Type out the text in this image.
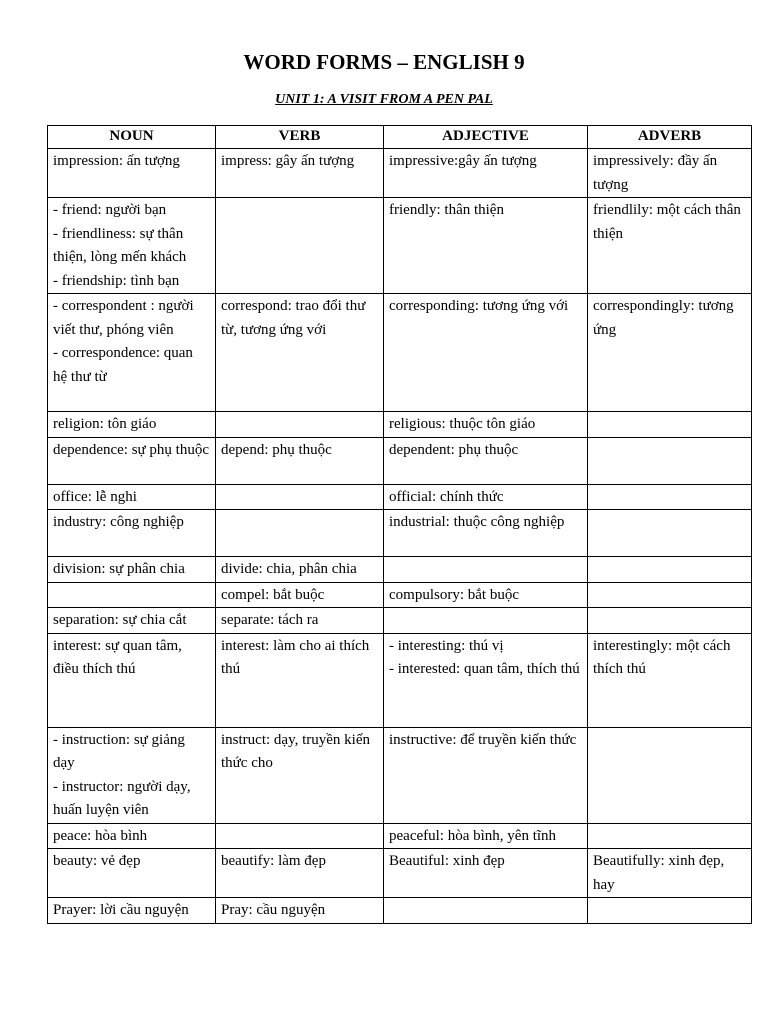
WORD FORMS – ENGLISH 9
UNIT 1: A VISIT FROM A PEN PAL
NOUN	VERB	ADJECTIVE	ADVERB

impression: ấn tượng	impress: gây ấn tượng	impressive:gây ấn tượng	impressively: đầy ấn tượng

- friend: người bạn
- friendliness: sự thân thiện, lòng mến khách
- friendship: tình bạn		friendly: thân thiện	friendlily: một cách thân thiện

- correspondent : người viết thư, phóng viên
- correspondence: quan hệ thư từ	correspond: trao đổi thư từ, tương ứng với	corresponding: tương ứng với	correspondingly: tương ứng

religion: tôn giáo		religious: thuộc tôn giáo	

dependence: sự phụ thuộc	depend: phụ thuộc	dependent: phụ thuộc	

office: lễ nghi		official: chính thức	

industry: công nghiệp		industrial: thuộc công nghiệp	

division: sự phân chia	divide: chia, phân chia		

	compel: bắt buộc	compulsory: bắt buộc	

separation: sự chia cắt	separate: tách ra		

interest: sự quan tâm, điều thích thú	interest: làm cho ai thích thú	- interesting: thú vị
- interested: quan tâm, thích thú	interestingly: một cách thích thú

- instruction: sự giảng dạy
- instructor: người dạy, huấn luyện viên	instruct: dạy, truyền kiến thức cho	instructive: để truyền kiến thức	

peace: hòa bình		peaceful: hòa bình, yên tĩnh	

beauty: vẻ đẹp	beautify: làm đẹp	Beautiful: xinh đẹp	Beautifully: xinh đẹp, hay

Prayer: lời cầu nguyện	Pray: cầu nguyện		
